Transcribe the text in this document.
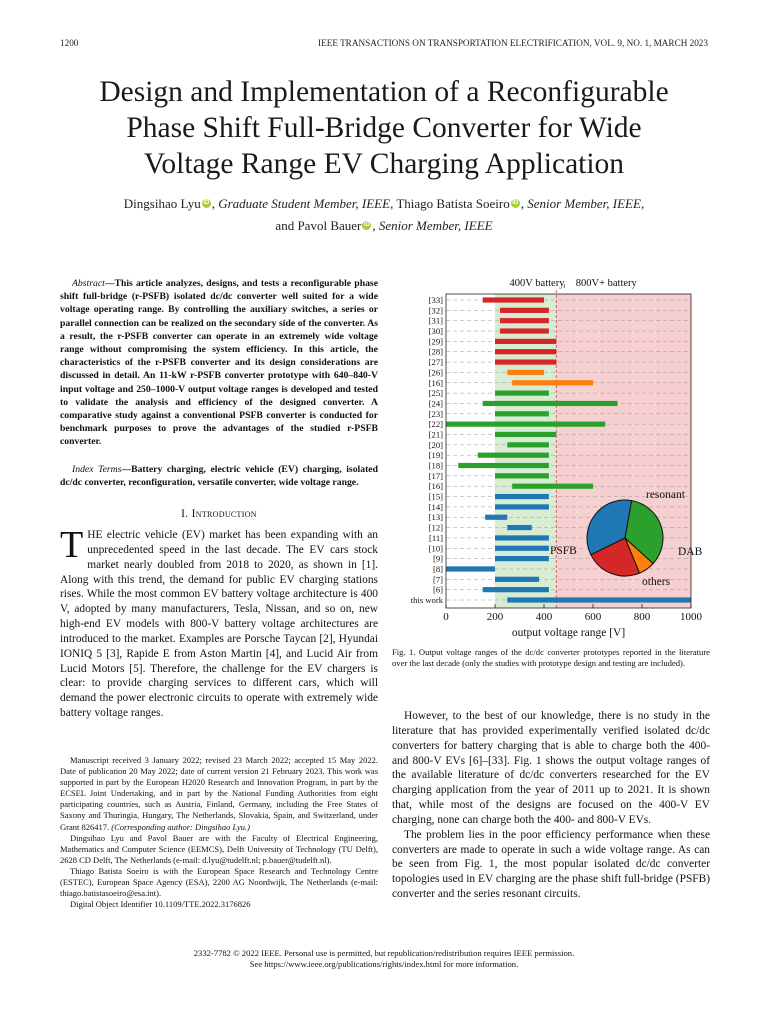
1200	IEEE TRANSACTIONS ON TRANSPORTATION ELECTRIFICATION, VOL. 9, NO. 1, MARCH 2023
Design and Implementation of a Reconfigurable
Phase Shift Full-Bridge Converter for Wide
Voltage Range EV Charging Application
Dingsihao Lyu iD , Graduate Student Member, IEEE, Thiago Batista Soeiro iD , Senior Member, IEEE,
and Pavol Bauer iD , Senior Member, IEEE
Abstract—This article analyzes, designs, and tests a reconfigurable phase shift full-bridge (r-PSFB) isolated dc/dc converter well suited for a wide voltage operating range. By controlling the auxiliary switches, a series or parallel connection can be realized on the secondary side of the converter. As a result, the r-PSFB converter can operate in an extremely wide voltage range without compromising the system efficiency. In this article, the characteristics of the r-PSFB converter and its design considerations are discussed in detail. An 11-kW r-PSFB converter prototype with 640–840-V input voltage and 250–1000-V output voltage ranges is developed and tested to validate the analysis and efficiency of the designed converter. A comparative study against a conventional PSFB converter is conducted for benchmark purposes to prove the advantages of the studied r-PSFB converter.
Index Terms—Battery charging, electric vehicle (EV) charging, isolated dc/dc converter, reconfiguration, versatile converter, wide voltage range.
I. Introduction
THE electric vehicle (EV) market has been expanding with an unprecedented speed in the last decade. The EV cars stock market nearly doubled from 2018 to 2020, as shown in [1]. Along with this trend, the demand for public EV charging stations rises. While the most common EV battery voltage architecture is 400 V, adopted by many manufacturers, Tesla, Nissan, and so on, new high-end EV models with 800-V battery voltage architectures are introduced to the market. Examples are Porsche Taycan [2], Hyundai IONIQ 5 [3], Rapide E from Aston Martin [4], and Lucid Air from Lucid Motors [5]. Therefore, the challenge for the EV chargers is clear: to provide charging services to different cars, which will demand the power electronic circuits to operate with extremely wide battery voltage ranges.

Manuscript received 3 January 2022; revised 23 March 2022; accepted 15 May 2022. Date of publication 20 May 2022; date of current version 21 February 2023. This work was supported in part by the European H2020 Research and Innovation Program, in part by the ECSEL Joint Undertaking, and in part by the National Funding Authorities from eight participating countries, such as Austria, Finland, Germany, including the Free States of Saxony and Thuringia, Hungary, The Netherlands, Slovakia, Spain, and Switzerland, under Grant 826417. (Corresponding author: Dingsihao Lyu.)

Dingsihao Lyu and Pavol Bauer are with the Faculty of Electrical Engineering, Mathematics and Computer Science (EEMCS), Delft University of Technology (TU Delft), 2628 CD Delft, The Netherlands (e-mail: d.lyu@tudelft.nl; p.bauer@tudelft.nl).

Thiago Batista Soeiro is with the European Space Research and Technology Centre (ESTEC), European Space Agency (ESA), 2200 AG Noordwijk, The Netherlands (e-mail: thiago.batistasoeiro@esa.int).

Digital Object Identifier 10.1109/TTE.2022.3176826

400V battery 800V+ battery
[33]
[32]
[31]
[30]
[29]
[28]
[27]
[26]
[16]
[25]
[24]
[23]
[22]
[21]
[20]
[19]
[18]
[17]
[16]
[15]
[14]
[13]
[12]
[11]
[10]
[9]
[8]
[7]
[6]
this work
0	200	400	600	800	1000
output voltage range [V]
resonant
DAB
others
PSFB
Fig. 1. Output voltage ranges of the dc/dc converter prototypes reported in the literature over the last decade (only the studies with prototype design and testing are included).

However, to the best of our knowledge, there is no study in the literature that has provided experimentally verified isolated dc/dc converters for battery charging that is able to charge both the 400- and 800-V EVs [6]–[33]. Fig. 1 shows the output voltage ranges of the available literature of dc/dc converters researched for the EV charging application from the year of 2011 up to 2021. It is shown that, while most of the designs are focused on the 400-V EV charging, none can charge both the 400- and 800-V EVs.

The problem lies in the poor efficiency performance when these converters are made to operate in such a wide voltage range. As can be seen from Fig. 1, the most popular isolated dc/dc converter topologies used in EV charging are the phase shift full-bridge (PSFB) converter and the series resonant circuits.

2332-7782 © 2022 IEEE. Personal use is permitted, but republication/redistribution requires IEEE permission.
See https://www.ieee.org/publications/rights/index.html for more information.
